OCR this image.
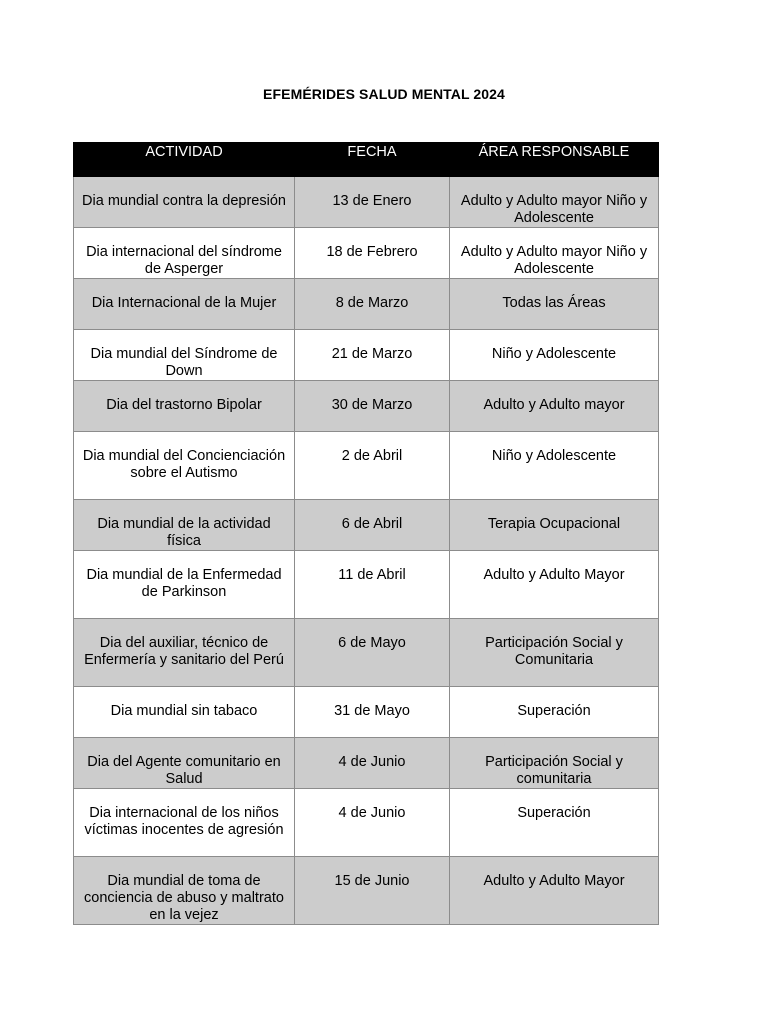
EFEMÉRIDES SALUD MENTAL 2024
ACTIVIDAD	FECHA	ÁREA RESPONSABLE
Dia mundial contra la depresión	13 de Enero	Adulto y Adulto mayor Niño y Adolescente
Dia internacional del síndrome de Asperger	18 de Febrero	Adulto y Adulto mayor Niño y Adolescente
Dia Internacional de la Mujer	8 de Marzo	Todas las Áreas
Dia mundial del Síndrome de Down	21 de Marzo	Niño y Adolescente
Dia del trastorno Bipolar	30 de Marzo	Adulto y Adulto mayor
Dia mundial del Concienciación sobre el Autismo	2 de Abril	Niño y Adolescente
Dia mundial de la actividad física	6 de Abril	Terapia Ocupacional
Dia mundial de la Enfermedad de Parkinson	11 de Abril	Adulto y Adulto Mayor
Dia del auxiliar, técnico de Enfermería y sanitario del Perú	6 de Mayo	Participación Social y Comunitaria
Dia mundial sin tabaco	31 de Mayo	Superación
Dia del Agente comunitario en Salud	4 de Junio	Participación Social y comunitaria
Dia internacional de los niños víctimas inocentes de agresión	4 de Junio	Superación
Dia mundial de toma de conciencia de abuso y maltrato en la vejez	15 de Junio	Adulto y Adulto Mayor
